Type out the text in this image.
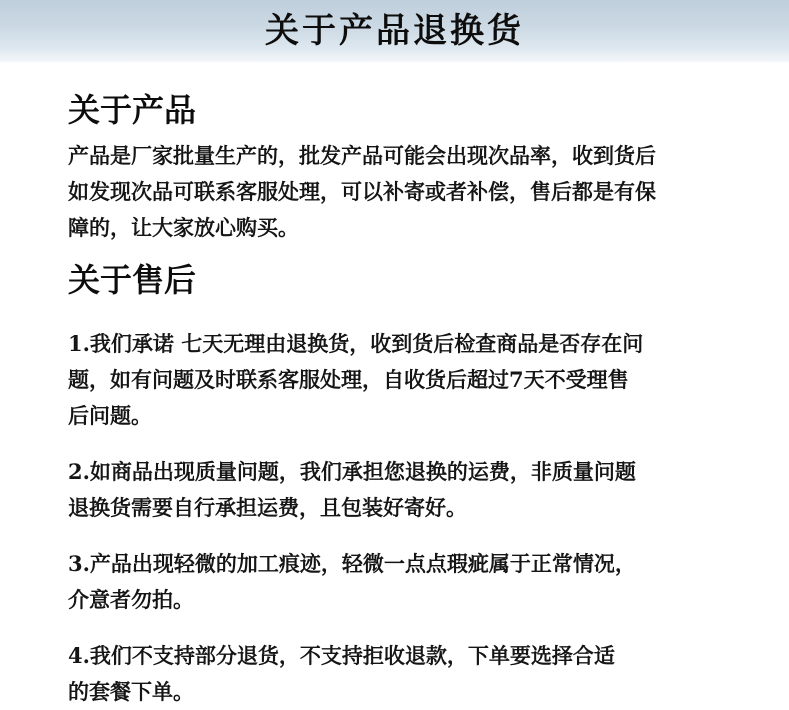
关于产品退换货
关于产品
产品是厂家批量生产的，批发产品可能会出现次品率，收到货后
如发现次品可联系客服处理，可以补寄或者补偿，售后都是有保
障的，让大家放心购买。
关于售后
1.我们承诺 七天无理由退换货，收到货后检查商品是否存在问
题，如有问题及时联系客服处理，自收货后超过7天不受理售
后问题。
2.如商品出现质量问题，我们承担您退换的运费，非质量问题
退换货需要自行承担运费，且包装好寄好。
3.产品出现轻微的加工痕迹，轻微一点点瑕疵属于正常情况，
介意者勿拍。
4.我们不支持部分退货，不支持拒收退款，下单要选择合适
的套餐下单。
